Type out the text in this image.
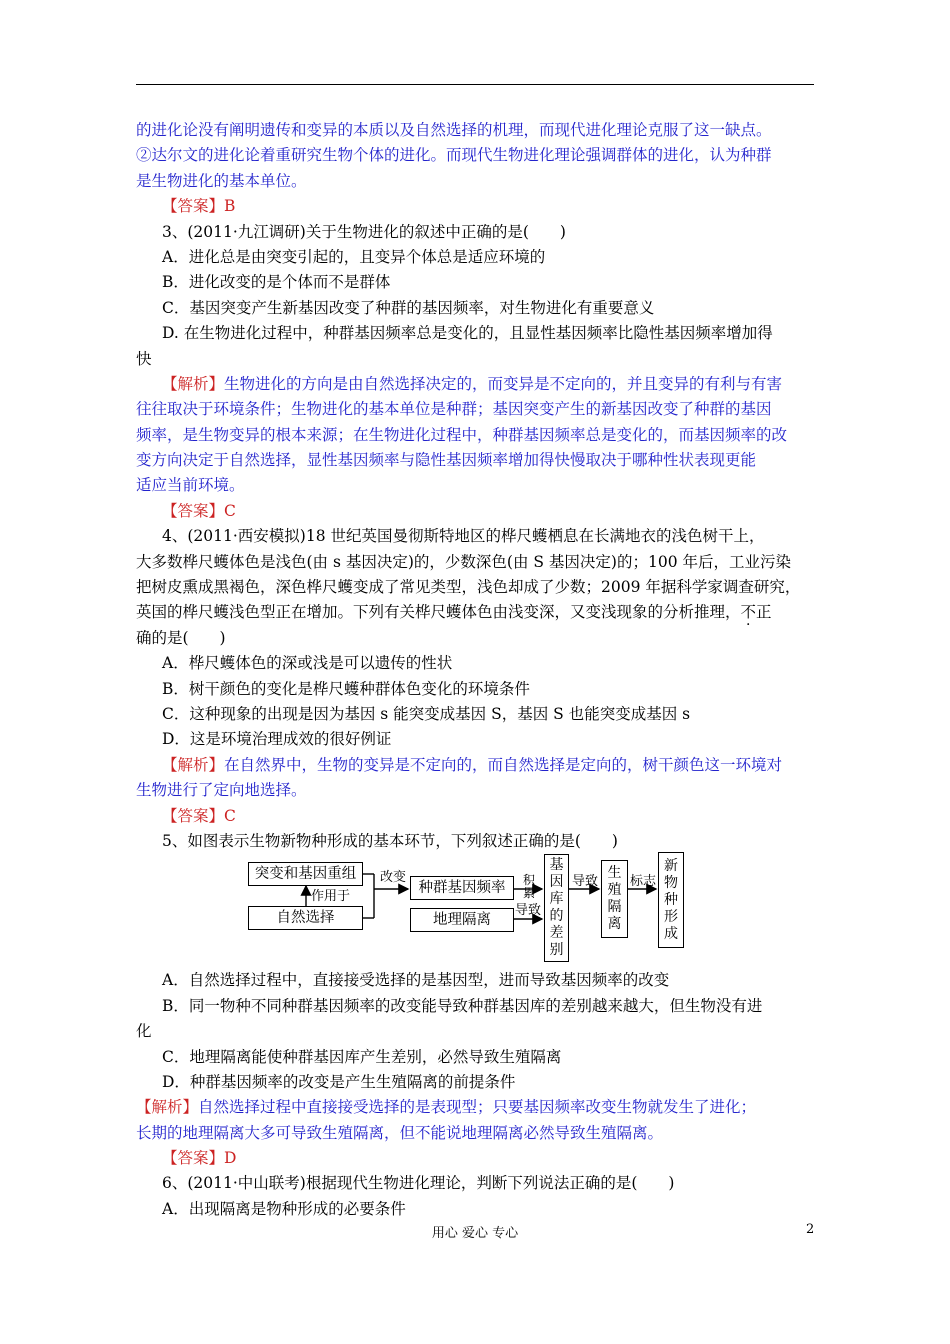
的进化论没有阐明遗传和变异的本质以及自然选择的机理，而现代进化理论克服了这一缺点。
②达尔文的进化论着重研究生物个体的进化。而现代生物进化理论强调群体的进化，认为种群
是生物进化的基本单位。
【答案】B
3、(2011·九江调研)关于生物进化的叙述中正确的是(　　)
A．进化总是由突变引起的，且变异个体总是适应环境的
B．进化改变的是个体而不是群体
C．基因突变产生新基因改变了种群的基因频率，对生物进化有重要意义
D. 在生物进化过程中，种群基因频率总是变化的，且显性基因频率比隐性基因频率增加得
快
【解析】生物进化的方向是由自然选择决定的，而变异是不定向的，并且变异的有利与有害
往往取决于环境条件；生物进化的基本单位是种群；基因突变产生的新基因改变了种群的基因
频率，是生物变异的根本来源；在生物进化过程中，种群基因频率总是变化的，而基因频率的改
变方向决定于自然选择，显性基因频率与隐性基因频率增加得快慢取决于哪种性状表现更能
适应当前环境。
【答案】C
4、(2011·西安模拟)18 世纪英国曼彻斯特地区的桦尺蠖栖息在长满地衣的浅色树干上，
大多数桦尺蠖体色是浅色(由 s 基因决定)的，少数深色(由 S 基因决定)的；100 年后，工业污染
把树皮熏成黑褐色，深色桦尺蠖变成了常见类型，浅色却成了少数；2009 年据科学家调查研究，
英国的桦尺蠖浅色型正在增加。下列有关桦尺蠖体色由浅变深，又变浅现象的分析推理，不正
确的是(　　)
A．桦尺蠖体色的深或浅是可以遗传的性状
B．树干颜色的变化是桦尺蠖种群体色变化的环境条件
C．这种现象的出现是因为基因 s 能突变成基因 S，基因 S 也能突变成基因 s
D．这是环境治理成效的很好例证
【解析】在自然界中，生物的变异是不定向的，而自然选择是定向的，树干颜色这一环境对
生物进行了定向地选择。
【答案】C
5、如图表示生物新物种形成的基本环节，下列叙述正确的是(　　)
突变和基因重组
自然选择
作用于
改变
种群基因频率
地理隔离
积累
导致
基
因
库
的
差
别
导致
生
殖
隔
离
标志
新
物
种
形
成
A．自然选择过程中，直接接受选择的是基因型，进而导致基因频率的改变
B．同一物种不同种群基因频率的改变能导致种群基因库的差别越来越大，但生物没有进
化
C．地理隔离能使种群基因库产生差别，必然导致生殖隔离
D．种群基因频率的改变是产生生殖隔离的前提条件
【解析】自然选择过程中直接接受选择的是表现型；只要基因频率改变生物就发生了进化；
长期的地理隔离大多可导致生殖隔离，但不能说地理隔离必然导致生殖隔离。
【答案】D
6、(2011·中山联考)根据现代生物进化理论，判断下列说法正确的是(　　)
A．出现隔离是物种形成的必要条件
用心 爱心 专心	2
